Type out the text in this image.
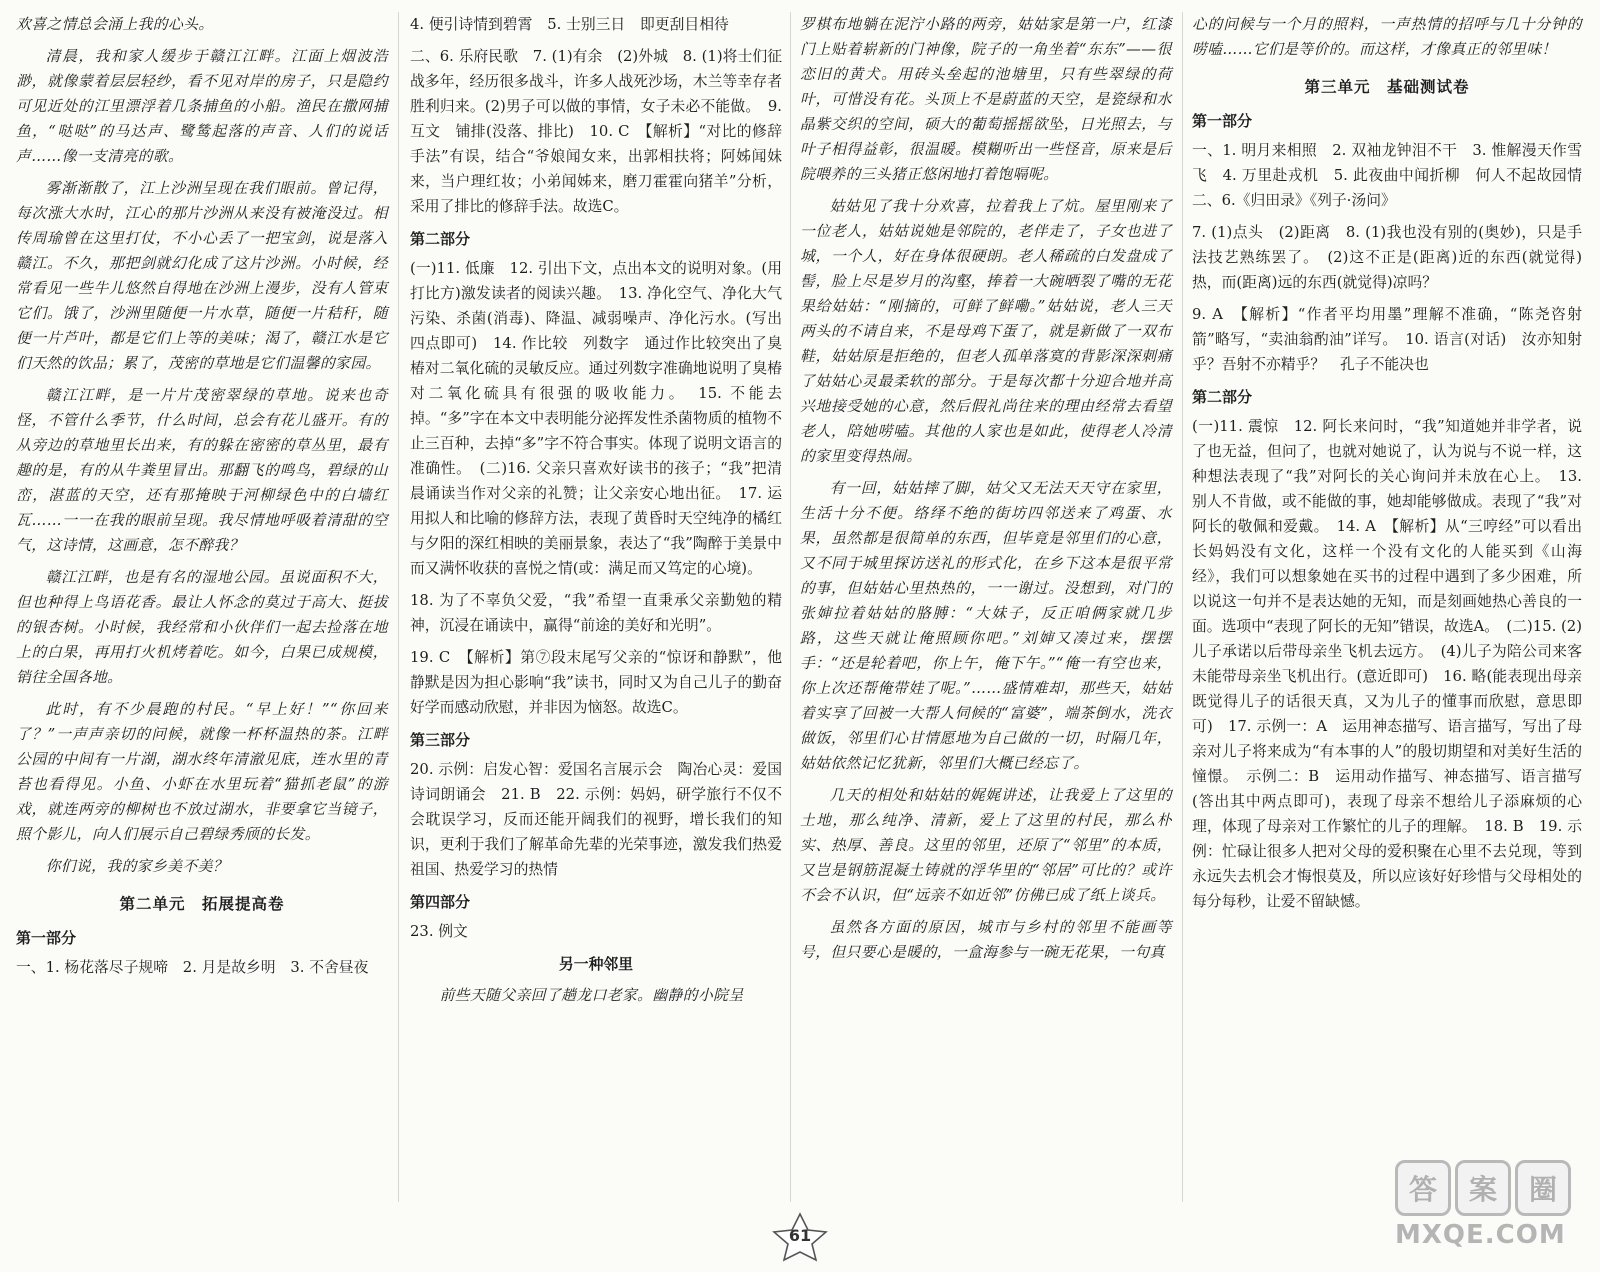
欢喜之情总会涌上我的心头。

清晨，我和家人缓步于赣江江畔。江面上烟波浩渺，就像蒙着层层轻纱，看不见对岸的房子，只是隐约可见近处的江里漂浮着几条捕鱼的小船。渔民在撒网捕鱼，“哒哒”的马达声、鹭鸶起落的声音、人们的说话声……像一支清亮的歌。

雾渐渐散了，江上沙洲呈现在我们眼前。曾记得，每次涨大水时，江心的那片沙洲从来没有被淹没过。相传周瑜曾在这里打仗，不小心丢了一把宝剑，说是落入赣江。不久，那把剑就幻化成了这片沙洲。小时候，经常看见一些牛儿悠然自得地在沙洲上漫步，没有人管束它们。饿了，沙洲里随便一片水草，随便一片秸秆，随便一片芦叶，都是它们上等的美味；渴了，赣江水是它们天然的饮品；累了，茂密的草地是它们温馨的家园。

赣江江畔，是一片片茂密翠绿的草地。说来也奇怪，不管什么季节，什么时间，总会有花儿盛开。有的从旁边的草地里长出来，有的躲在密密的草丛里，最有趣的是，有的从牛粪里冒出。那翻飞的鸣鸟，碧绿的山峦，湛蓝的天空，还有那掩映于河柳绿色中的白墙红瓦……一一在我的眼前呈现。我尽情地呼吸着清甜的空气，这诗情，这画意，怎不醉我？

赣江江畔，也是有名的湿地公园。虽说面积不大，但也种得上鸟语花香。最让人怀念的莫过于高大、挺拔的银杏树。小时候，我经常和小伙伴们一起去捡落在地上的白果，再用打火机烤着吃。如今，白果已成规模，销往全国各地。

此时，有不少晨跑的村民。“早上好！”“你回来了？”一声声亲切的问候，就像一杯杯温热的茶。江畔公园的中间有一片湖，湖水终年清澈见底，连水里的青苔也看得见。小鱼、小虾在水里玩着“猫抓老鼠”的游戏，就连两旁的柳树也不放过湖水，非要拿它当镜子，照个影儿，向人们展示自己碧绿秀颀的长发。

你们说，我的家乡美不美？

第二单元　拓展提高卷
第一部分

一、1. 杨花落尽子规啼　2. 月是故乡明　3. 不舍昼夜

4. 便引诗情到碧霄　5. 士别三日　即更刮目相待

二、6. 乐府民歌　7. (1)有余　(2)外城　8. (1)将士们征战多年，经历很多战斗，许多人战死沙场，木兰等幸存者胜利归来。(2)男子可以做的事情，女子未必不能做。　9. 互文　铺排(没落、排比)　10. C　【解析】“对比的修辞手法”有误，结合“爷娘闻女来，出郭相扶将；阿姊闻妹来，当户理红妆；小弟闻姊来，磨刀霍霍向猪羊”分析，采用了排比的修辞手法。故选C。

第二部分

(一)11. 低廉　12. 引出下文，点出本文的说明对象。(用打比方)激发读者的阅读兴趣。　13. 净化空气、净化大气污染、杀菌(消毒)、降温、减弱噪声、净化污水。(写出四点即可)　14. 作比较　列数字　通过作比较突出了臭椿对二氧化硫的灵敏反应。通过列数字准确地说明了臭椿对二氧化硫具有很强的吸收能力。　15. 不能去掉。“多”字在本文中表明能分泌挥发性杀菌物质的植物不止三百种，去掉“多”字不符合事实。体现了说明文语言的准确性。　(二)16. 父亲只喜欢好读书的孩子；“我”把清晨诵读当作对父亲的礼赞；让父亲安心地出征。　17. 运用拟人和比喻的修辞方法，表现了黄昏时天空纯净的橘红与夕阳的深红相映的美丽景象，表达了“我”陶醉于美景中而又满怀收获的喜悦之情(或：满足而又笃定的心境)。

18. 为了不辜负父爱，“我”希望一直秉承父亲勤勉的精神，沉浸在诵读中，赢得“前途的美好和光明”。

19. C　【解析】第⑦段末尾写父亲的“惊讶和静默”，他静默是因为担心影响“我”读书，同时又为自己儿子的勤奋好学而感动欣慰，并非因为恼怒。故选C。

第三部分

20. 示例：启发心智：爱国名言展示会　陶冶心灵：爱国诗词朗诵会　21. B　22. 示例：妈妈，研学旅行不仅不会耽误学习，反而还能开阔我们的视野，增长我们的知识，更利于我们了解革命先辈的光荣事迹，激发我们热爱祖国、热爱学习的热情

第四部分

23. 例文

另一种邻里

前些天随父亲回了趟龙口老家。幽静的小院呈

罗棋布地躺在泥泞小路的两旁，姑姑家是第一户，红漆门上贴着崭新的门神像，院子的一角坐着“东东”——很恋旧的黄犬。用砖头垒起的池塘里，只有些翠绿的荷叶，可惜没有花。头顶上不是蔚蓝的天空，是瓷绿和水晶紫交织的空间，硕大的葡萄摇摇欲坠，日光照去，与叶子相得益彰，很温暖。模糊听出一些怪音，原来是后院喂养的三头猪正悠闲地打着饱嗝呢。

姑姑见了我十分欢喜，拉着我上了炕。屋里刚来了一位老人，姑姑说她是邻院的，老伴走了，子女也进了城，一个人，好在身体很硬朗。老人稀疏的白发盘成了髻，脸上尽是岁月的沟壑，捧着一大碗晒裂了嘴的无花果给姑姑：“刚摘的，可鲜了鲜嘞。”姑姑说，老人三天两头的不请自来，不是母鸡下蛋了，就是新做了一双布鞋，姑姑原是拒绝的，但老人孤单落寞的背影深深刺痛了姑姑心灵最柔软的部分。于是每次都十分迎合地并高兴地接受她的心意，然后假礼尚往来的理由经常去看望老人，陪她唠嗑。其他的人家也是如此，使得老人冷清的家里变得热闹。

有一回，姑姑摔了脚，姑父又无法天天守在家里，生活十分不便。络绎不绝的街坊四邻送来了鸡蛋、水果，虽然都是很简单的东西，但毕竟是邻里们的心意，又不同于城里探访送礼的形式化，在乡下这本是很平常的事，但姑姑心里热热的，一一谢过。没想到，对门的张婶拉着姑姑的胳膊：“大妹子，反正咱俩家就几步路，这些天就让俺照顾你吧。”刘婶又凑过来，摆摆手：“还是轮着吧，你上午，俺下午。”“俺一有空也来，你上次还帮俺带娃了呢。”……盛情难却，那些天，姑姑着实享了回被一大帮人伺候的“富婆”，端茶倒水，洗衣做饭，邻里们心甘情愿地为自己做的一切，时隔几年，姑姑依然记忆犹新，邻里们大概已经忘了。

几天的相处和姑姑的娓娓讲述，让我爱上了这里的土地，那么纯净、清新，爱上了这里的村民，那么朴实、热厚、善良。这里的邻里，还原了“邻里”的本质，又岂是钢筋混凝土铸就的浮华里的“邻居”可比的？或许不会不认识，但“远亲不如近邻”仿佛已成了纸上谈兵。

虽然各方面的原因，城市与乡村的邻里不能画等号，但只要心是暖的，一盒海参与一碗无花果，一句真

心的问候与一个月的照料，一声热情的招呼与几十分钟的唠嗑……它们是等价的。而这样，才像真正的邻里味！

第三单元　基础测试卷
第一部分

一、1. 明月来相照　2. 双袖龙钟泪不干　3. 惟解漫天作雪飞　4. 万里赴戎机　5. 此夜曲中闻折柳　何人不起故园情　二、6.《归田录》《列子·汤问》

7. (1)点头　(2)距离　8. (1)我也没有别的(奥妙)，只是手法技艺熟练罢了。　(2)这不正是(距离)近的东西(就觉得)热，而(距离)远的东西(就觉得)凉吗？

9. A　【解析】“作者平均用墨”理解不准确，“陈尧咨射箭”略写，“卖油翁酌油”详写。　10. 语言(对话)　汝亦知射乎？吾射不亦精乎？　孔子不能决也

第二部分

(一)11. 震惊　12. 阿长来问时，“我”知道她并非学者，说了也无益，但问了，也就对她说了，认为说与不说一样，这种想法表现了“我”对阿长的关心询问并未放在心上。　13. 别人不肯做，或不能做的事，她却能够做成。表现了“我”对阿长的敬佩和爱戴。　14. A　【解析】从“三哼经”可以看出长妈妈没有文化，这样一个没有文化的人能买到《山海经》，我们可以想象她在买书的过程中遇到了多少困难，所以说这一句并不是表达她的无知，而是刻画她热心善良的一面。选项中“表现了阿长的无知”错误，故选A。　(二)15. (2)儿子承诺以后带母亲坐飞机去远方。　(4)儿子为陪公司来客未能带母亲坐飞机出行。(意近即可)　16. 略(能表现出母亲既觉得儿子的话很天真，又为儿子的懂事而欣慰，意思即可)　17. 示例一：A　运用神态描写、语言描写，写出了母亲对儿子将来成为“有本事的人”的殷切期望和对美好生活的憧憬。　示例二：B　运用动作描写、神态描写、语言描写(答出其中两点即可)，表现了母亲不想给儿子添麻烦的心理，体现了母亲对工作繁忙的儿子的理解。　18. B　19. 示例：忙碌让很多人把对父母的爱积聚在心里不去兑现，等到永远失去机会才悔恨莫及，所以应该好好珍惜与父母相处的每分每秒，让爱不留缺憾。

61
答	案	圈
MXQE.COM
